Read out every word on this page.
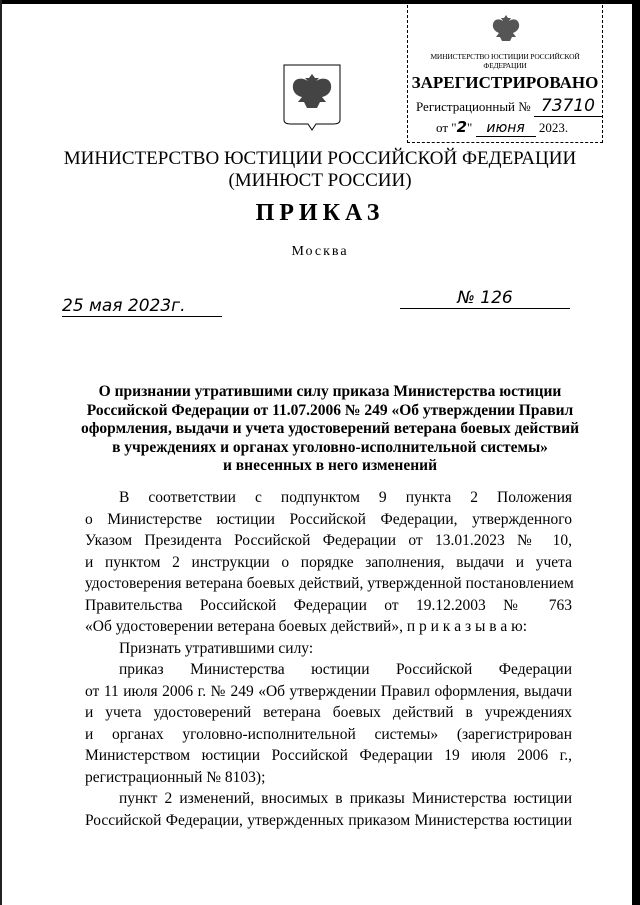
МИНИСТЕРСТВО ЮСТИЦИИ РОССИЙСКОЙ ФЕДЕРАЦИИ
ЗАРЕГИСТРИРОВАНО
Регистрационный № 73710
от "2" июня 2023.
МИНИСТЕРСТВО ЮСТИЦИИ РОССИЙСКОЙ ФЕДЕРАЦИИ
(МИНЮСТ РОССИИ)
ПРИКАЗ
Москва
25 мая 2023г.	№ 126
О признании утратившими силу приказа Министерства юстиции
Российской Федерации от 11.07.2006 № 249 «Об утверждении Правил
оформления, выдачи и учета удостоверений ветерана боевых действий
в учреждениях и органах уголовно-исполнительной системы»
и внесенных в него изменений
В соответствии с подпунктом 9 пункта 2 Положения
о Министерстве юстиции Российской Федерации, утвержденного
Указом Президента Российской Федерации от 13.01.2023 № 10,
и пунктом 2 инструкции о порядке заполнения, выдачи и учета
удостоверения ветерана боевых действий, утвержденной постановлением
Правительства Российской Федерации от 19.12.2003 № 763
«Об удостоверении ветерана боевых действий», п р и к а з ы в а ю:
Признать утратившими силу:
приказ Министерства юстиции Российской Федерации
от 11 июля 2006 г. № 249 «Об утверждении Правил оформления, выдачи
и учета удостоверений ветерана боевых действий в учреждениях
и органах уголовно-исполнительной системы» (зарегистрирован
Министерством юстиции Российской Федерации 19 июля 2006 г.,
регистрационный № 8103);
пункт 2 изменений, вносимых в приказы Министерства юстиции
Российской Федерации, утвержденных приказом Министерства юстиции
